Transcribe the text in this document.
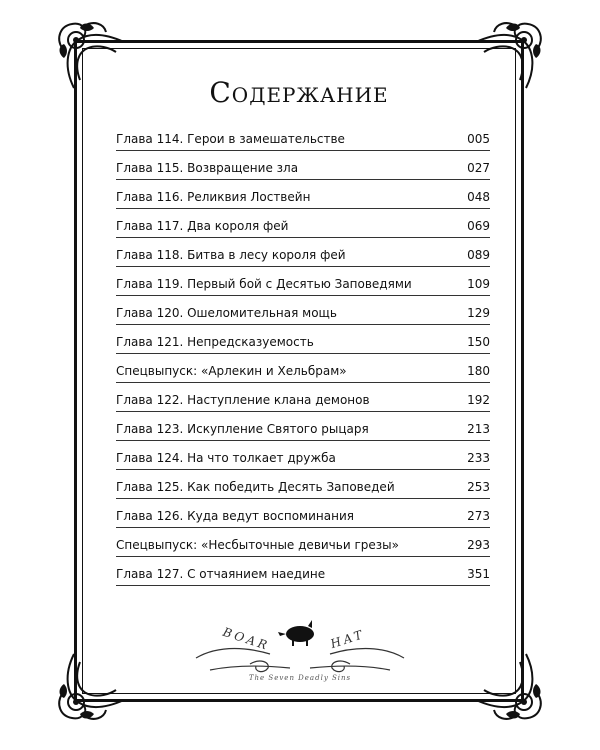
Содержание
Глава 114. Герои в замешательстве	005
Глава 115. Возвращение зла	027
Глава 116. Реликвия Лоствейн	048
Глава 117. Два короля фей	069
Глава 118. Битва в лесу короля фей	089
Глава 119. Первый бой с Десятью Заповедями	109
Глава 120. Ошеломительная мощь	129
Глава 121. Непредсказуемость	150
Спецвыпуск: «Арлекин и Хельбрам»	180
Глава 122. Наступление клана демонов	192
Глава 123. Искупление Святого рыцаря	213
Глава 124. На что толкает дружба	233
Глава 125. Как победить Десять Заповедей	253
Глава 126. Куда ведут воспоминания	273
Спецвыпуск: «Несбыточные девичьи грезы»	293
Глава 127. С отчаянием наедине	351
BOAR	HAT
The Seven Deadly Sins
